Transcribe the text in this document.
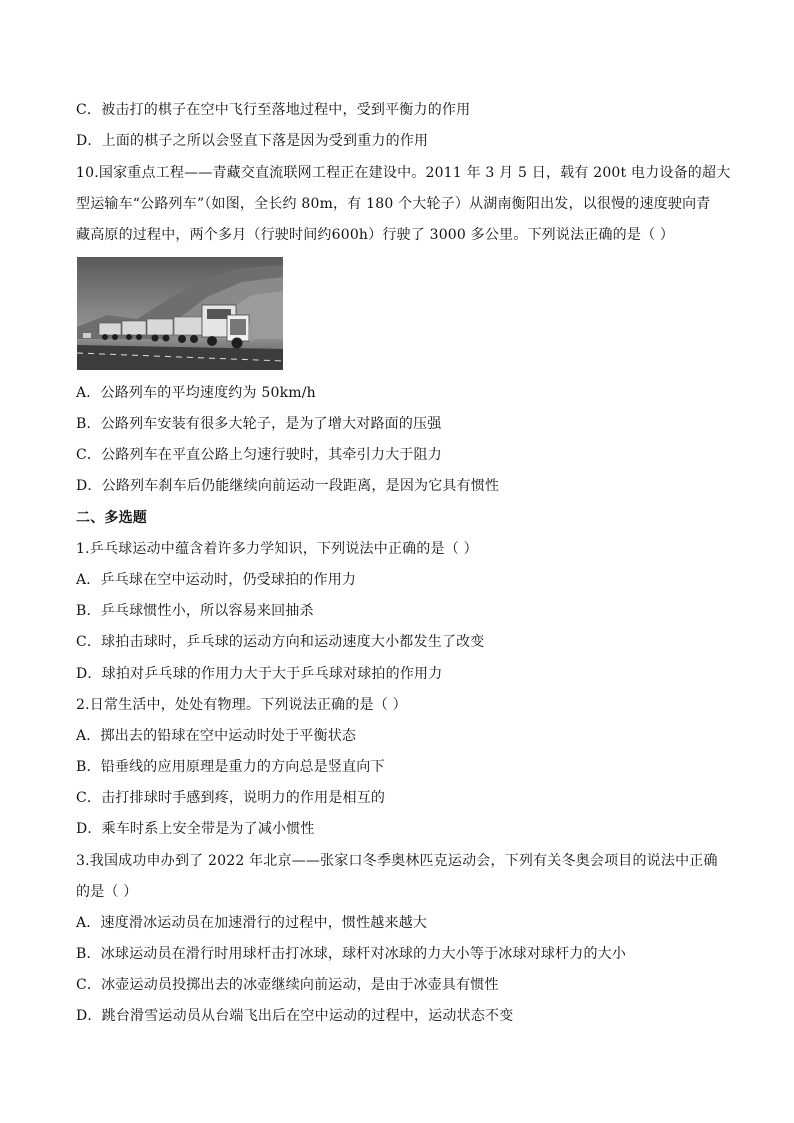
C．被击打的棋子在空中飞行至落地过程中，受到平衡力的作用
D．上面的棋子之所以会竖直下落是因为受到重力的作用
10.国家重点工程——青藏交直流联网工程正在建设中。2011 年 3 月 5 日，载有 200t 电力设备的超大
型运输车“公路列车”（如图，全长约 80m，有 180 个大轮子）从湖南衡阳出发，以很慢的速度驶向青
藏高原的过程中，两个多月（行驶时间约600h）行驶了 3000 多公里。下列说法正确的是（ ）
A．公路列车的平均速度约为 50km/h
B．公路列车安装有很多大轮子，是为了增大对路面的压强
C．公路列车在平直公路上匀速行驶时，其牵引力大于阻力
D．公路列车刹车后仍能继续向前运动一段距离，是因为它具有惯性
二、多选题
1.乒乓球运动中蕴含着许多力学知识，下列说法中正确的是（ ）
A．乒乓球在空中运动时，仍受球拍的作用力
B．乒乓球惯性小，所以容易来回抽杀
C．球拍击球时，乒乓球的运动方向和运动速度大小都发生了改变
D．球拍对乒乓球的作用力大于大于乒乓球对球拍的作用力
2.日常生活中，处处有物理。下列说法正确的是（ ）
A．掷出去的铅球在空中运动时处于平衡状态
B．铅垂线的应用原理是重力的方向总是竖直向下
C．击打排球时手感到疼，说明力的作用是相互的
D．乘车时系上安全带是为了减小惯性
3.我国成功申办到了 2022 年北京——张家口冬季奥林匹克运动会，下列有关冬奥会项目的说法中正确
的是（ ）
A．速度滑冰运动员在加速滑行的过程中，惯性越来越大
B．冰球运动员在滑行时用球杆击打冰球，球杆对冰球的力大小等于冰球对球杆力的大小
C．冰壶运动员投掷出去的冰壶继续向前运动，是由于冰壶具有惯性
D．跳台滑雪运动员从台端飞出后在空中运动的过程中，运动状态不变
